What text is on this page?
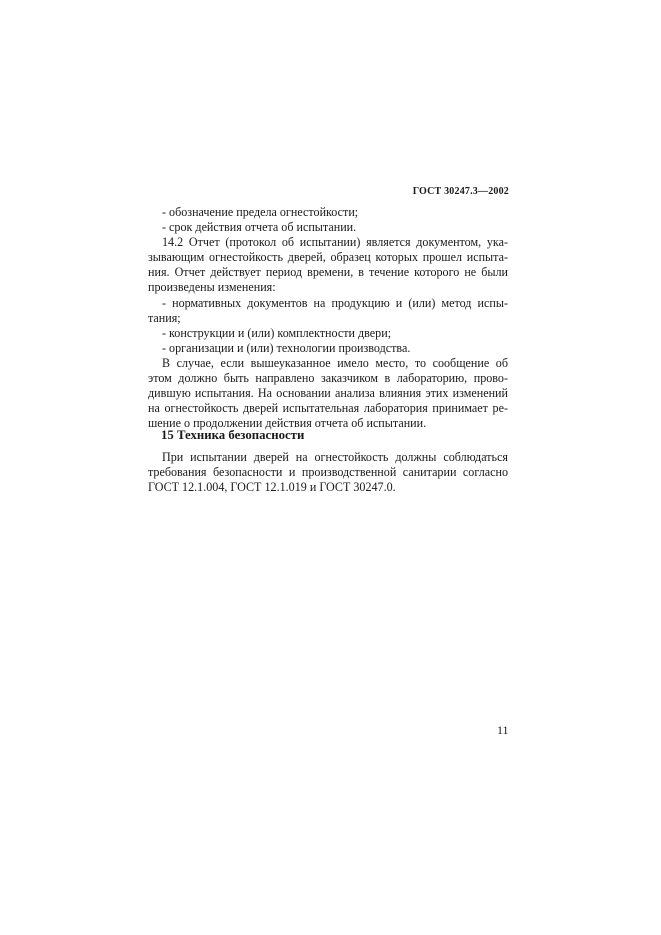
ГОСТ 30247.3—2002
- обозначение предела огнестойкости;
- срок действия отчета об испытании.
14.2 Отчет (протокол об испытании) является документом, ука-
зывающим огнестойкость дверей, образец которых прошел испыта-
ния. Отчет действует период времени, в течение которого не были
произведены изменения:
- нормативных документов на продукцию и (или) метод испы-
тания;
- конструкции и (или) комплектности двери;
- организации и (или) технологии производства.
В случае, если вышеуказанное имело место, то сообщение об
этом должно быть направлено заказчиком в лабораторию, прово-
дившую испытания. На основании анализа влияния этих изменений
на огнестойкость дверей испытательная лаборатория принимает ре-
шение о продолжении действия отчета об испытании.
15 Техника безопасности
При испытании дверей на огнестойкость должны соблюдаться
требования безопасности и производственной санитарии согласно
ГОСТ 12.1.004, ГОСТ 12.1.019 и ГОСТ 30247.0.
11
